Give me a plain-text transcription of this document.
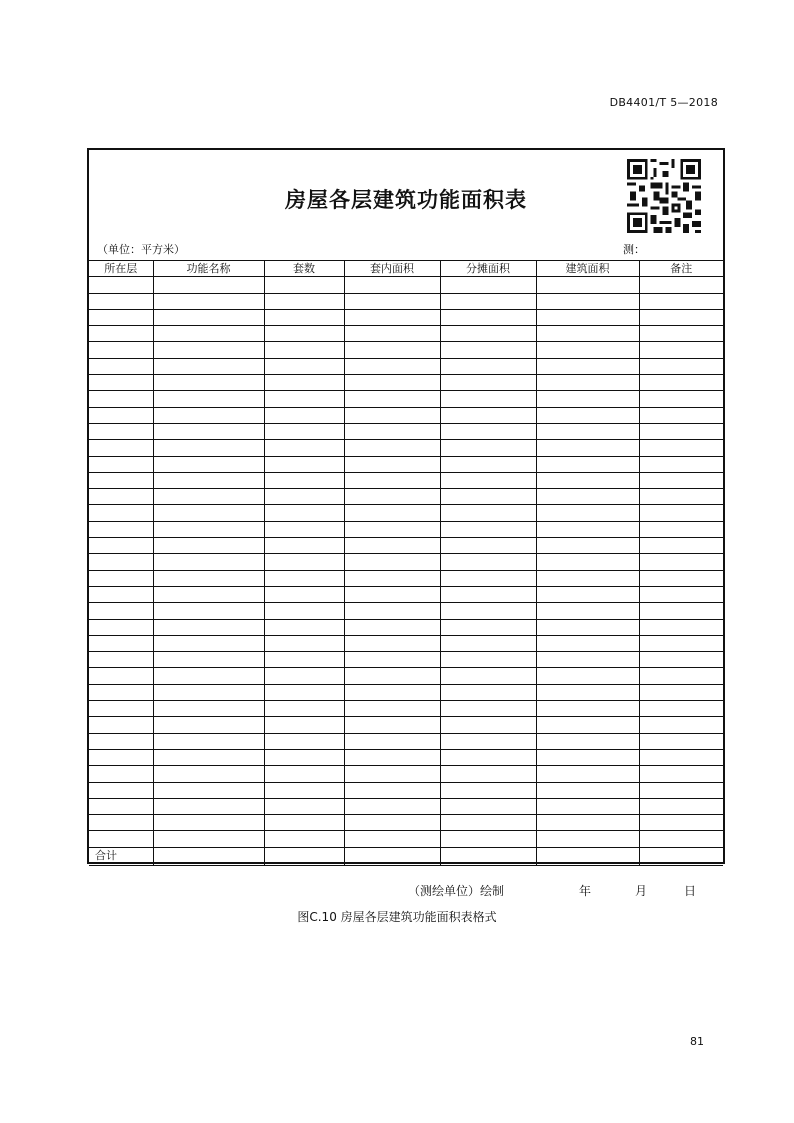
DB4401/T 5—2018
房屋各层建筑功能面积表
（单位：平方米）	测：
所在层	功能名称	套数	套内面积	分摊面积	建筑面积	备注

合计						
（测绘单位）绘制	年	月	日
图C.10 房屋各层建筑功能面积表格式
81
